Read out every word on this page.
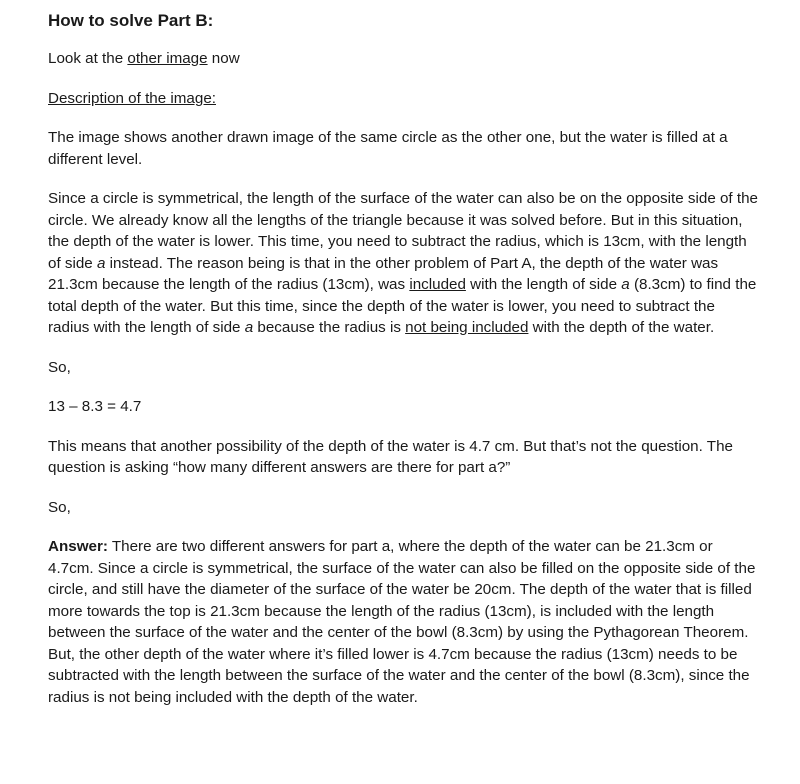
How to solve Part B:

Look at the other image now

Description of the image:

The image shows another drawn image of the same circle as the other one, but the water is filled at a different level.

Since a circle is symmetrical, the length of the surface of the water can also be on the opposite side of the circle. We already know all the lengths of the triangle because it was solved before. But in this situation, the depth of the water is lower. This time, you need to subtract the radius, which is 13cm, with the length of side a instead. The reason being is that in the other problem of Part A, the depth of the water was 21.3cm because the length of the radius (13cm), was included with the length of side a (8.3cm) to find the total depth of the water. But this time, since the depth of the water is lower, you need to subtract the radius with the length of side a because the radius is not being included with the depth of the water.

So,

13 – 8.3 = 4.7

This means that another possibility of the depth of the water is 4.7 cm. But that’s not the question. The question is asking “how many different answers are there for part a?”

So,

Answer: There are two different answers for part a, where the depth of the water can be 21.3cm or 4.7cm. Since a circle is symmetrical, the surface of the water can also be filled on the opposite side of the circle, and still have the diameter of the surface of the water be 20cm. The depth of the water that is filled more towards the top is 21.3cm because the length of the radius (13cm), is included with the length between the surface of the water and the center of the bowl (8.3cm) by using the Pythagorean Theorem. But, the other depth of the water where it’s filled lower is 4.7cm because the radius (13cm) needs to be subtracted with the length between the surface of the water and the center of the bowl (8.3cm), since the radius is not being included with the depth of the water.
